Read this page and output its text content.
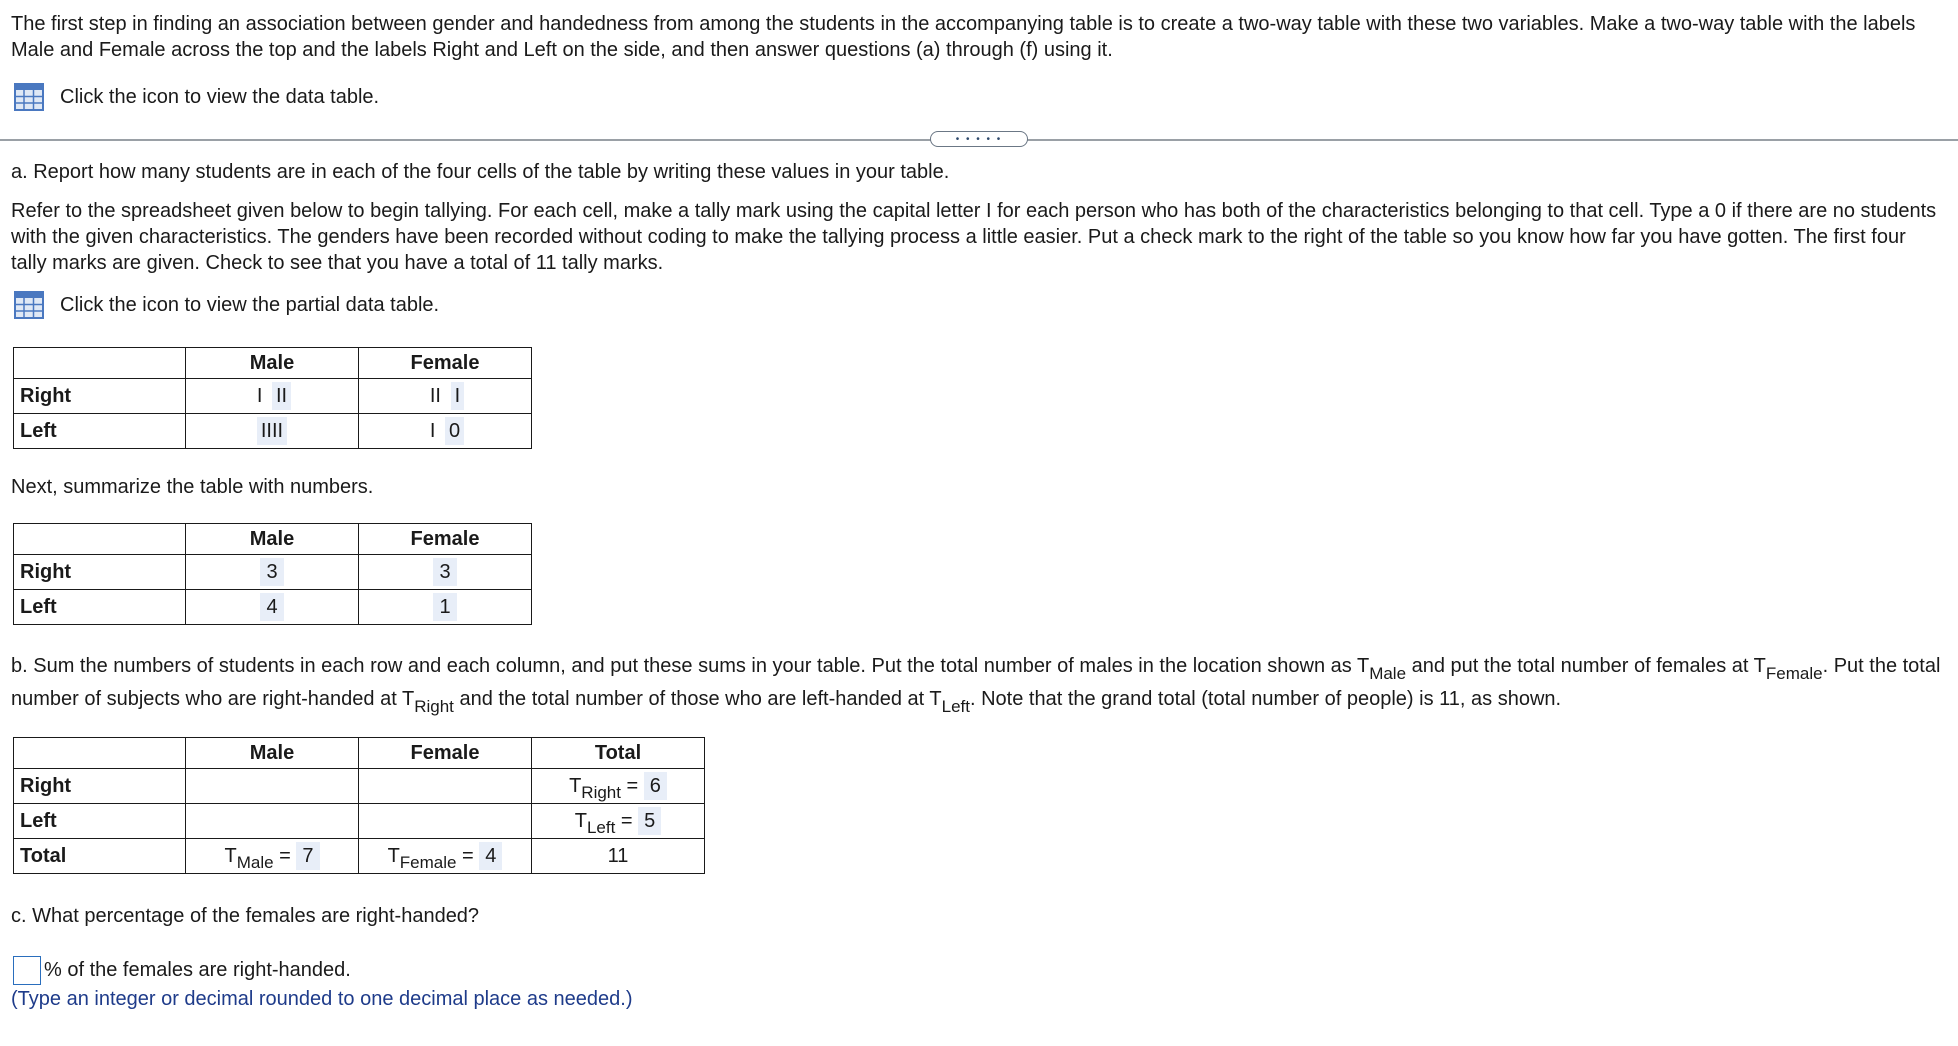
The first step in finding an association between gender and handedness from among the students in the accompanying table is to create a two-way table with these two variables. Make a two-way table with the labels Male and Female across the top and the labels Right and Left on the side, and then answer questions (a) through (f) using it.

Click the icon to view the data table.
• • • • •

a. Report how many students are in each of the four cells of the table by writing these values in your table.

Refer to the spreadsheet given below to begin tallying. For each cell, make a tally mark using the capital letter I for each person who has both of the characteristics belonging to that cell. Type a 0 if there are no students with the given characteristics. The genders have been recorded without coding to make the tallying process a little easier. Put a check mark to the right of the table so you know how far you have gotten. The first four tally marks are given. Check to see that you have a total of 11 tally marks.

Click the icon to view the partial data table.
	Male	Female
Right	I II	II I
Left	IIII	I 0

Next, summarize the table with numbers.

	Male	Female
Right	3	3
Left	4	1

b. Sum the numbers of students in each row and each column, and put these sums in your table. Put the total number of males in the location shown as $T_{Male}$ and put the total number of females at $T_{Female}$. Put the total number of subjects who are right-handed at $T_{Right}$ and the total number of those who are left-handed at $T_{Left}$. Note that the grand total (total number of people) is 11, as shown.

	Male	Female	Total
Right			$T_{Right} = 6$
Left			$T_{Left} = 5$
Total	$T_{Male} = 7$	$T_{Female} = 4$	11

c. What percentage of the females are right-handed?

% of the females are right-handed.
(Type an integer or decimal rounded to one decimal place as needed.)
